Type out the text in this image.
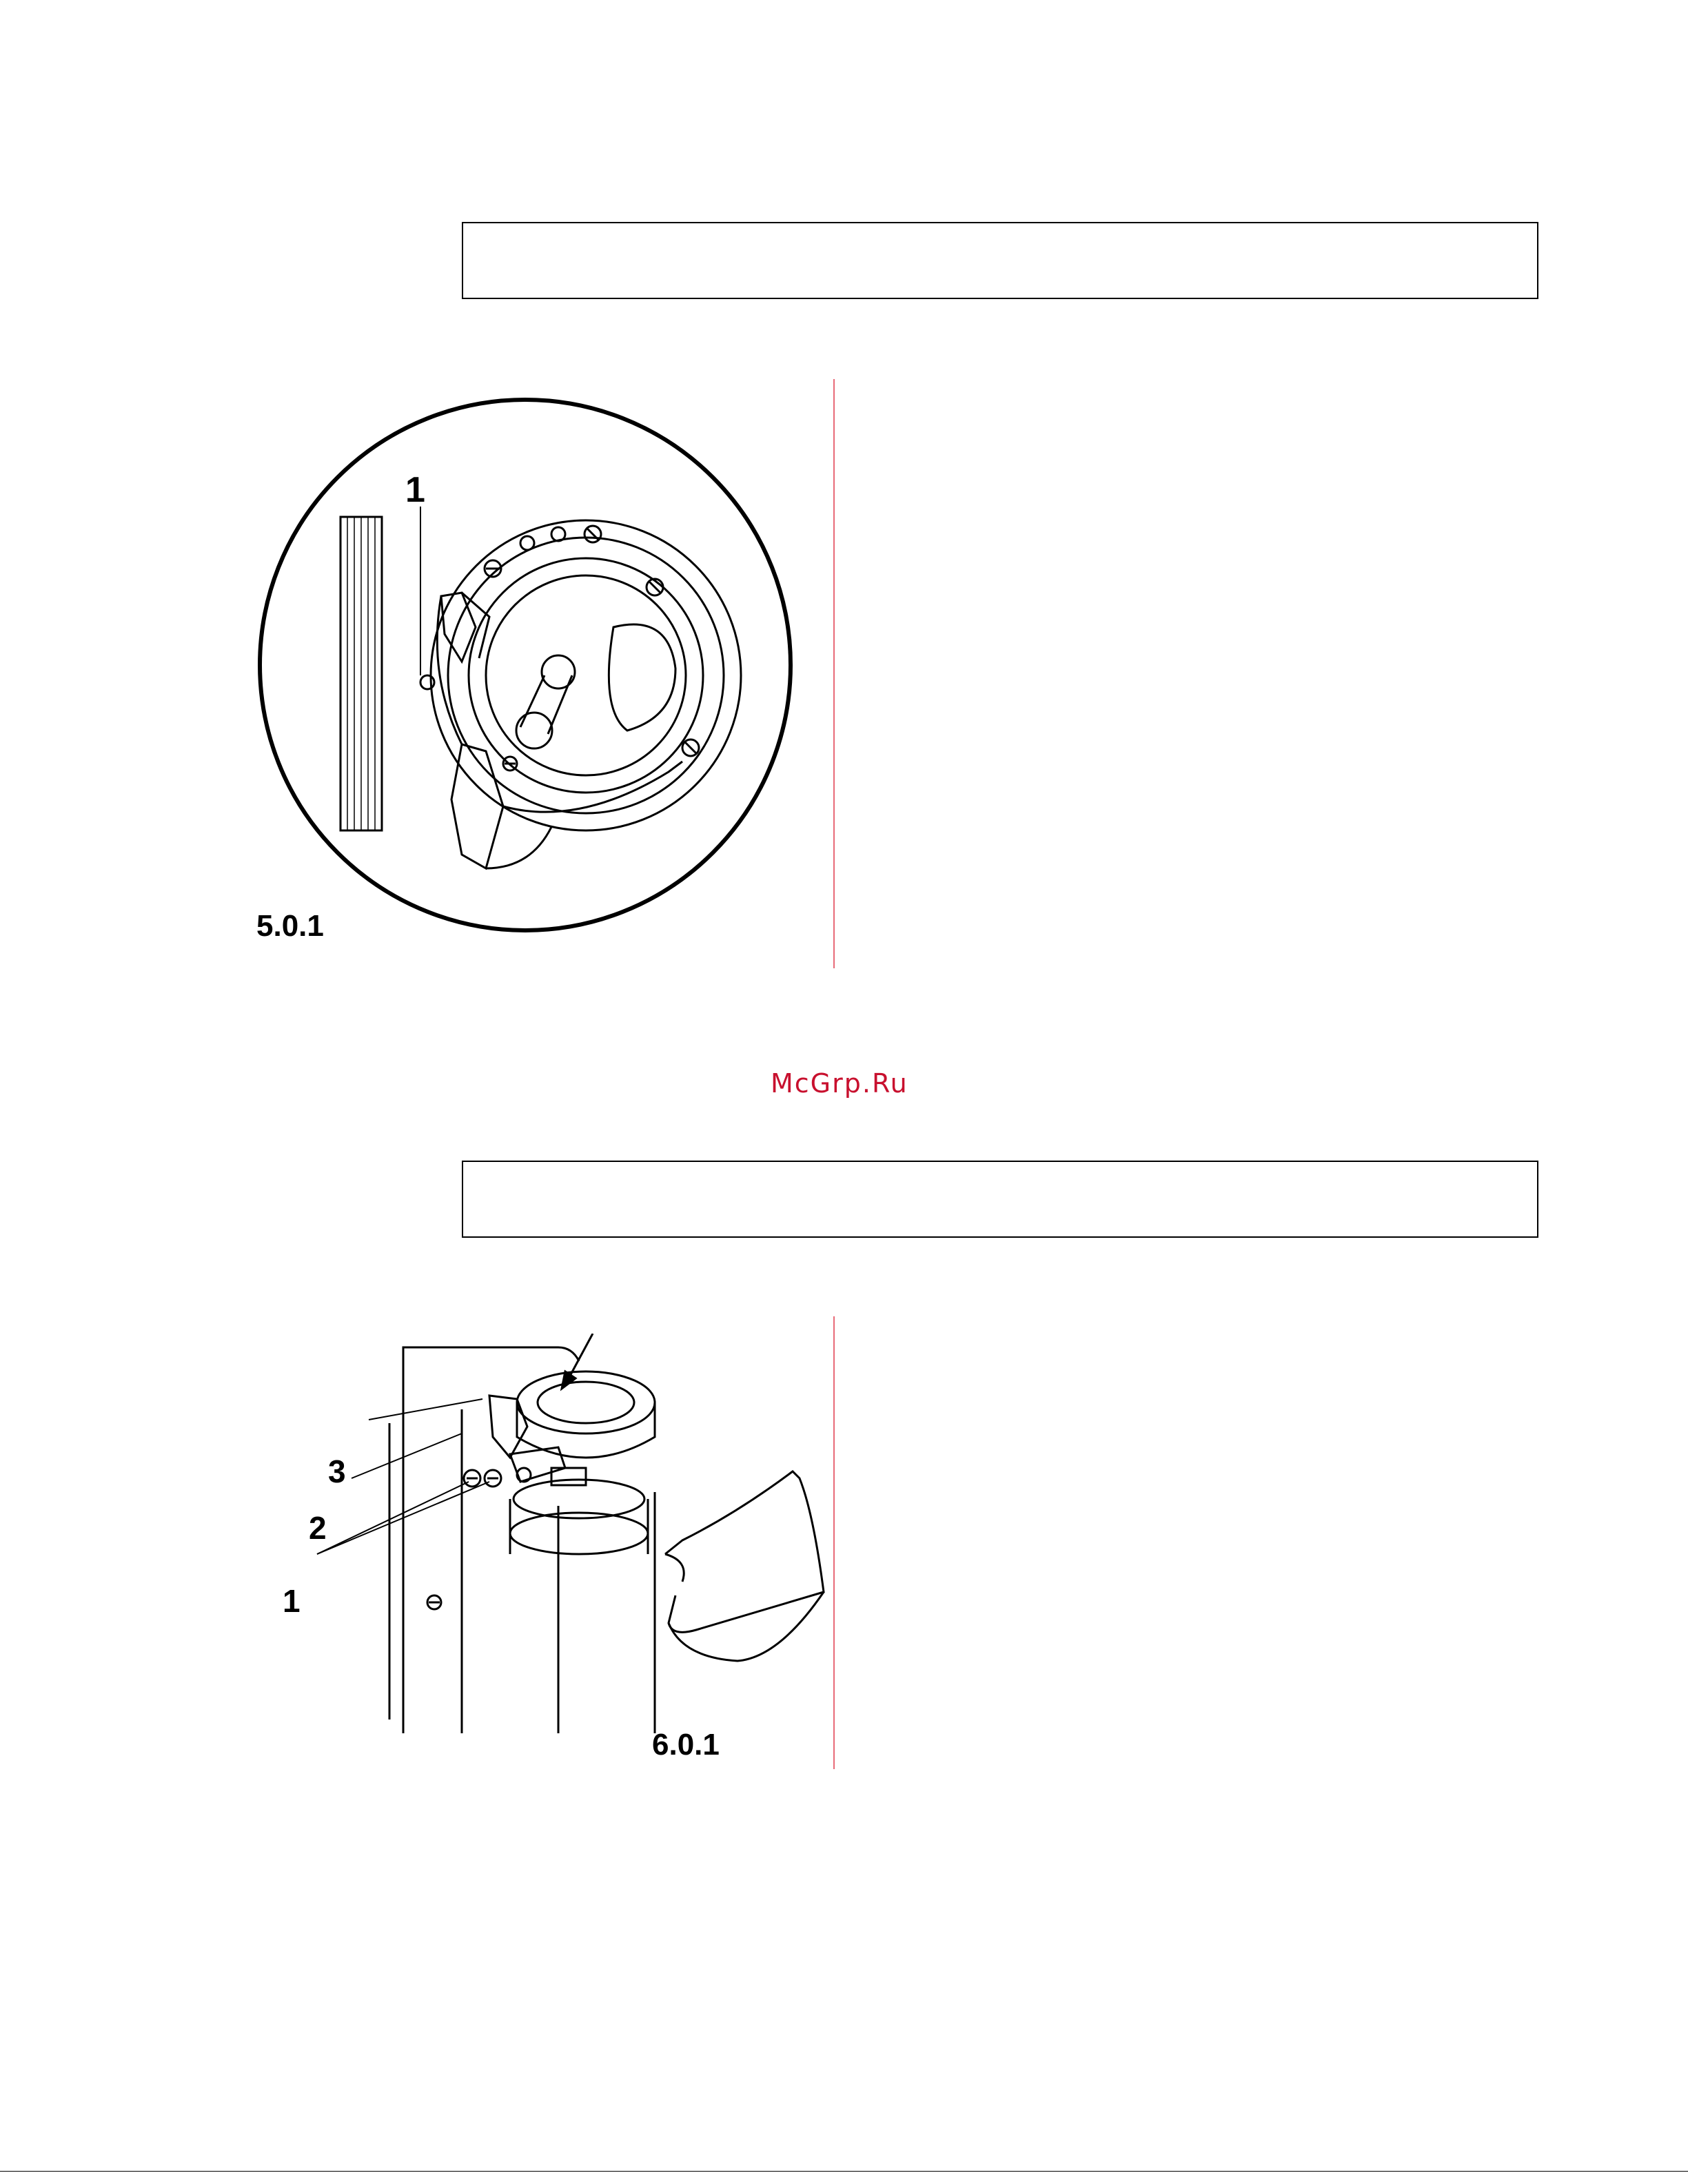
1
5.0.1
McGrp.Ru
3
2
1
6.0.1
